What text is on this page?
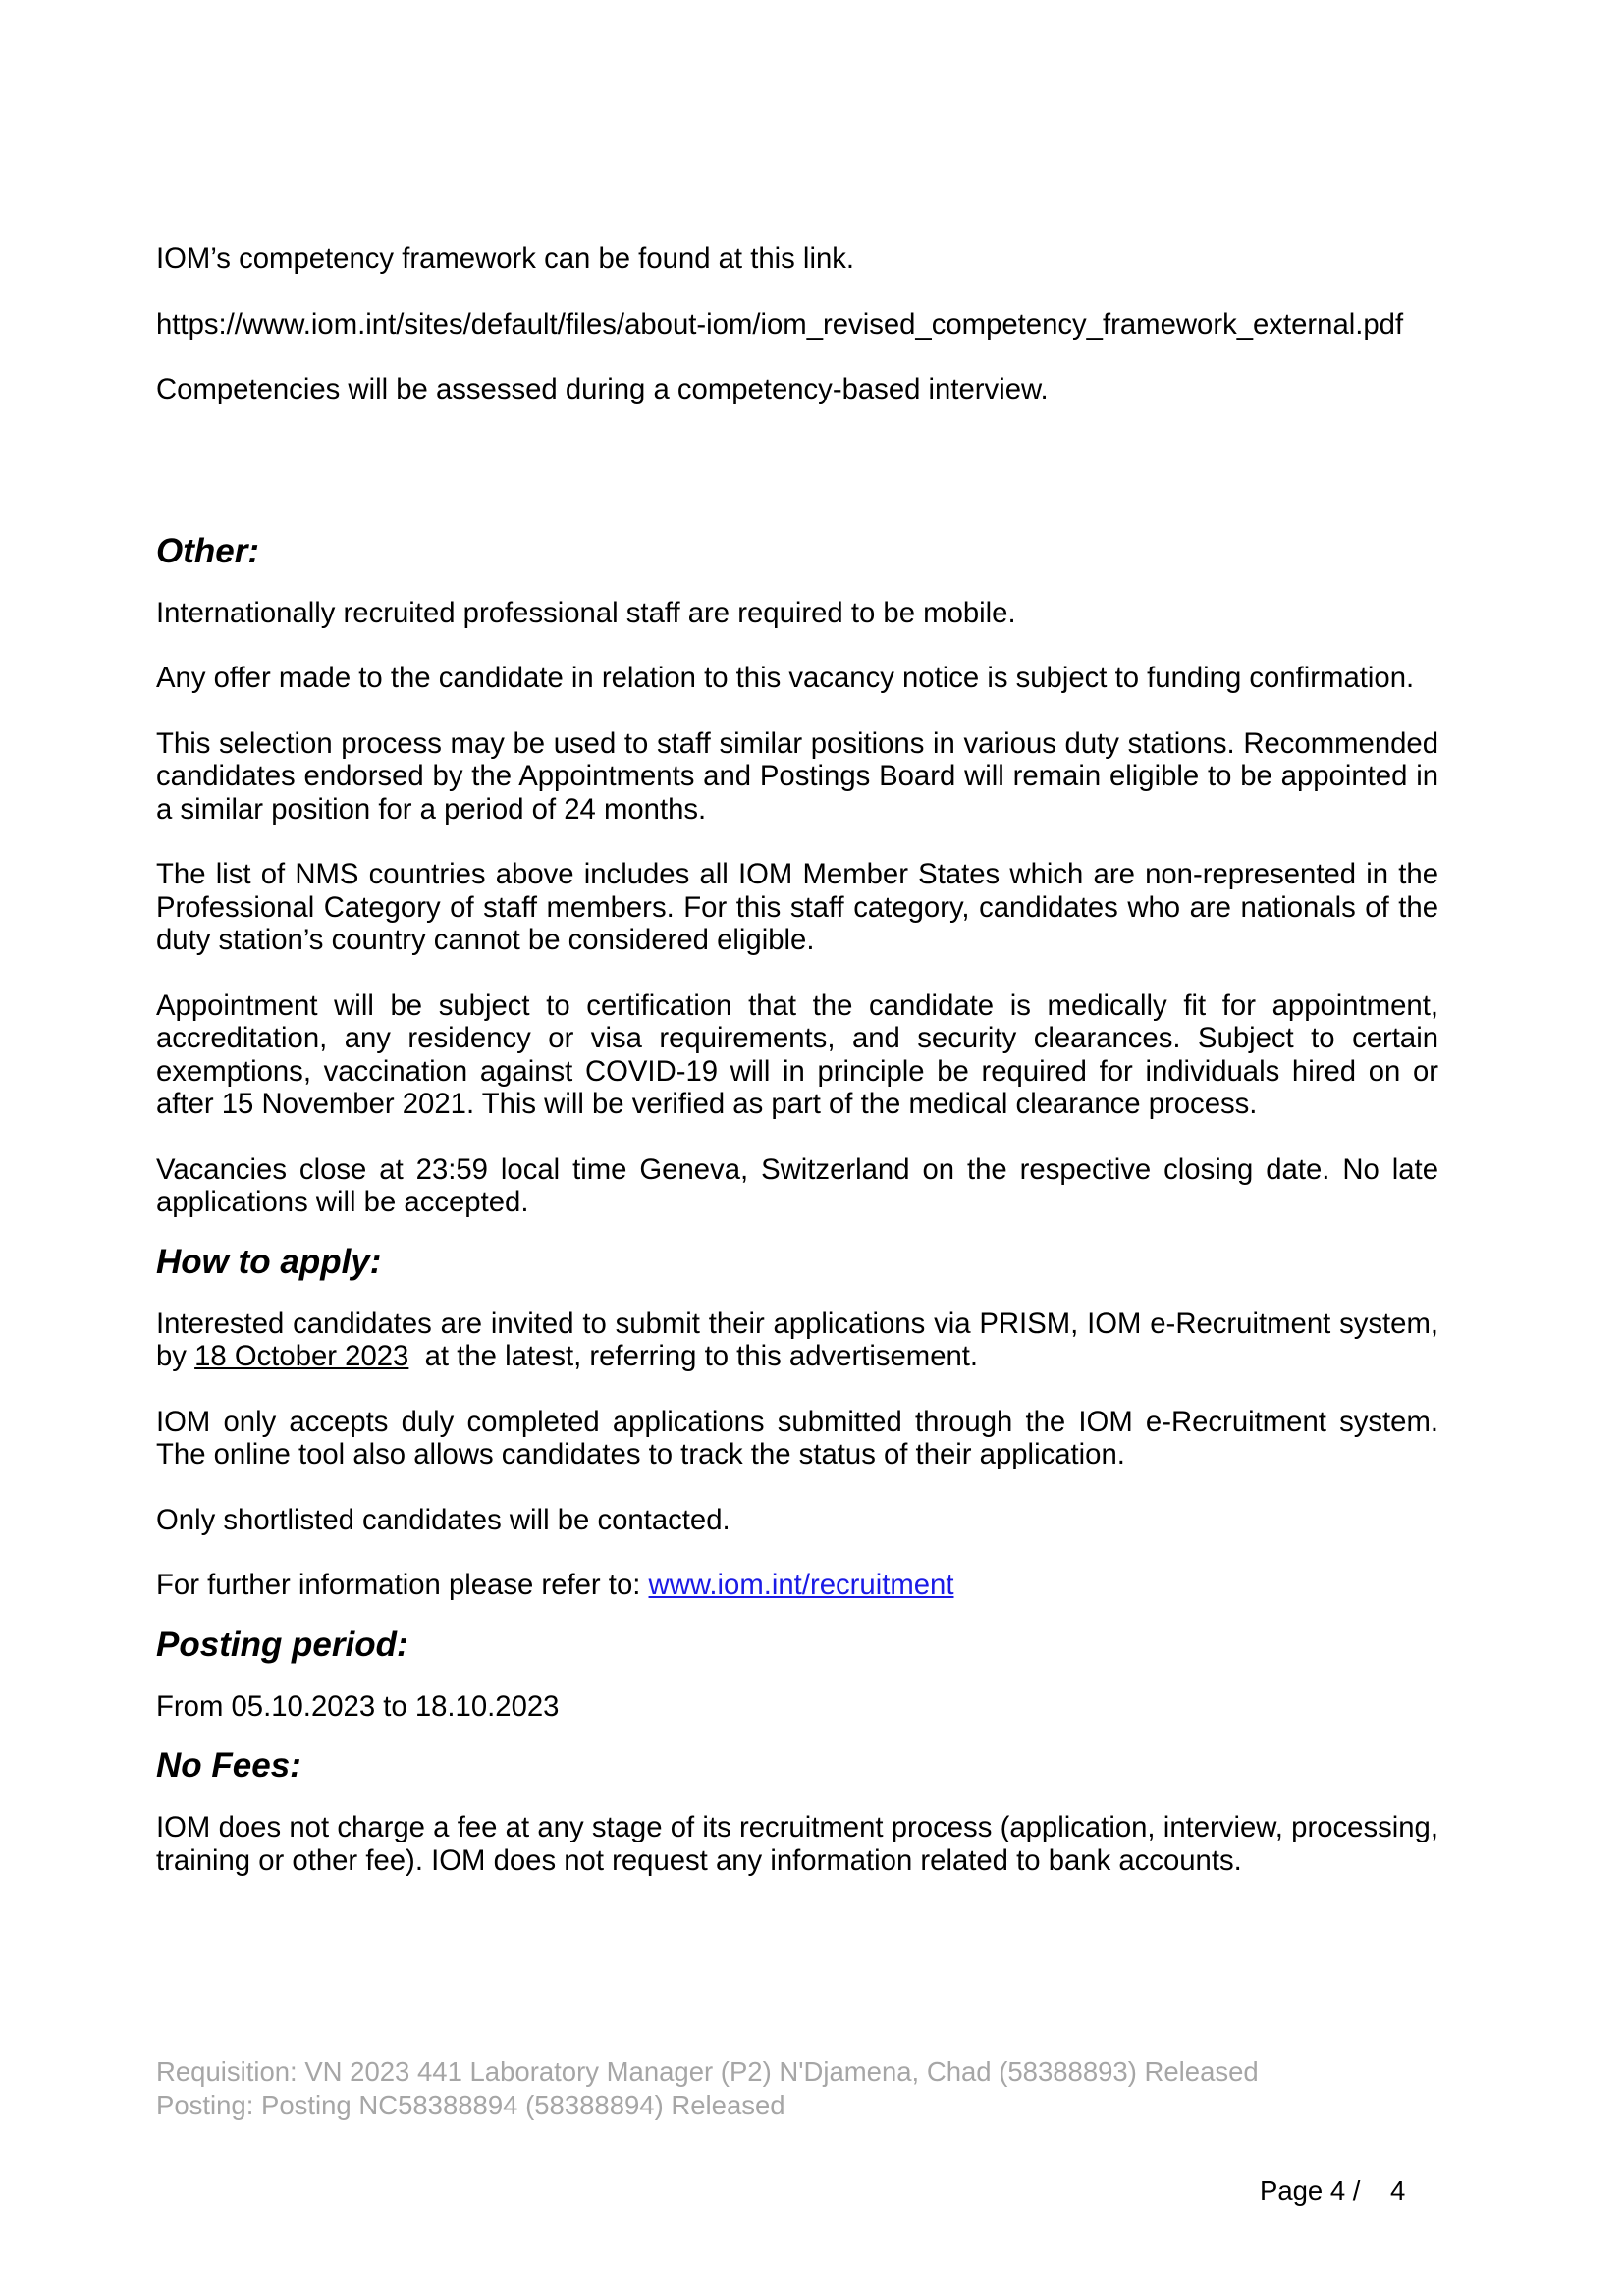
IOM’s competency framework can be found at this link.

https://www.iom.int/sites/default/files/about-iom/iom_revised_competency_framework_external.pdf

Competencies will be assessed during a competency-based interview.

Other:

Internationally recruited professional staff are required to be mobile.

Any offer made to the candidate in relation to this vacancy notice is subject to funding confirmation.

This selection process may be used to staff similar positions in various duty stations. Recommended candidates endorsed by the Appointments and Postings Board will remain eligible to be appointed in a similar position for a period of 24 months.

The list of NMS countries above includes all IOM Member States which are non-represented in the Professional Category of staff members. For this staff category, candidates who are nationals of the duty station’s country cannot be considered eligible.

Appointment will be subject to certification that the candidate is medically fit for appointment, accreditation, any residency or visa requirements, and security clearances. Subject to certain exemptions, vaccination against COVID-19 will in principle be required for individuals hired on or after 15 November 2021. This will be verified as part of the medical clearance process.

Vacancies close at 23:59 local time Geneva, Switzerland on the respective closing date. No late applications will be accepted.

How to apply:

Interested candidates are invited to submit their applications via PRISM, IOM e-Recruitment system, by 18 October 2023  at the latest, referring to this advertisement.

IOM only accepts duly completed applications submitted through the IOM e-Recruitment system. The online tool also allows candidates to track the status of their application.

Only shortlisted candidates will be contacted.

For further information please refer to: www.iom.int/recruitment

Posting period:

From 05.10.2023 to 18.10.2023

No Fees:

IOM does not charge a fee at any stage of its recruitment process (application, interview, processing, training or other fee). IOM does not request any information related to bank accounts.

Requisition: VN 2023 441 Laboratory Manager (P2) N'Djamena, Chad (58388893) Released

Posting: Posting NC58388894 (58388894) Released

Page 4 /    4
